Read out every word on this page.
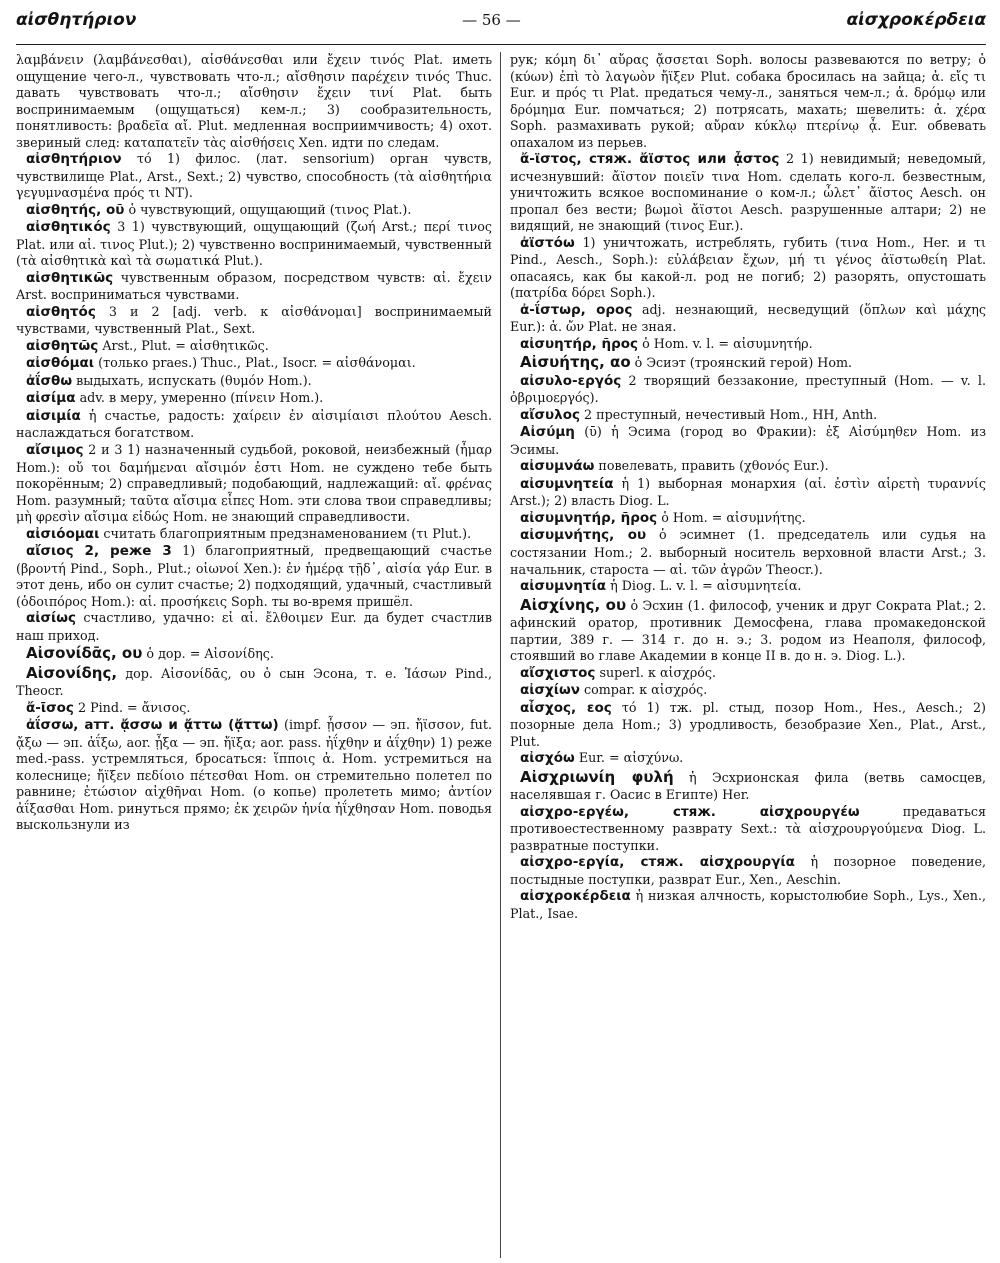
αἰσθητήριον	— 56 —	αἰσχροκέρδεια

λαμβάνειν (λαμβάνεσθαι), αἰσθάνεσθαι или ἔχειν τινός Plat. иметь ощущение чего-л., чувствовать что-л.; αἴσθησιν παρέχειν τινός Thuc. давать чувствовать что-л.; αἴσθησιν ἔχειν τινί Plat. быть воспринимаемым (ощущаться) кем-л.; 3) сообразительность, понятливость: βραδεῖα αἴ. Plut. медленная восприимчивость; 4) охот. звериный след: καταπατεῖν τὰς αἰσθήσεις Xen. идти по следам.

αἰσθητήριον τό 1) филос. (лат. sensorium) орган чувств, чувствилище Plat., Arst., Sext.; 2) чувство, способность (τὰ αἰσθητήρια γεγυμνασμένα πρός τι NT).

αἰσθητής, οῦ ὁ чувствующий, ощущающий (τινος Plat.).

αἰσθητικός 3 1) чувствующий, ощущающий (ζωή Arst.; περί τινος Plat. или αἰ. τινος Plut.); 2) чувственно воспринимаемый, чувственный (τὰ αἰσθητικὰ καὶ τὰ σωματικά Plut.).

αἰσθητικῶς чувственным образом, посредством чувств: αἰ. ἔχειν Arst. восприниматься чувствами.

αἰσθητός 3 и 2 [adj. verb. к αἰσθάνομαι] воспринимаемый чувствами, чувственный Plat., Sext.

αἰσθητῶς Arst., Plut. = αἰσθητικῶς.

αἰσθόμαι (только praes.) Thuc., Plat., Isocr. = αἰσθάνομαι.

ἀΐσθω выдыхать, испускать (θυμόν Hom.).

αἰσίμα adv. в меру, умеренно (πίνειν Hom.).

αἰσιμία ἡ счастье, радость: χαίρειν ἐν αἰσιμίαισι πλούτου Aesch. наслаждаться богатством.

αἴσιμος 2 и 3 1) назначенный судьбой, роковой, неизбежный (ἦμαρ Hom.): οὔ τοι δαμήμεναι αἴσιμόν ἐστι Hom. не суждено тебе быть покорённым; 2) справедливый; подобающий, надлежащий: αἴ. φρένας Hom. разумный; ταῦτα αἴσιμα εἶπες Hom. эти слова твои справедливы; μὴ φρεσὶν αἴσιμα εἰδώς Hom. не знающий справедливости.

αἰσιόομαι считать благоприятным предзнаменованием (τι Plut.).

αἴσιος 2, реже 3 1) благоприятный, предвещающий счастье (βροντή Pind., Soph., Plut.; οἰωνοί Xen.): ἐν ἡμέρᾳ τῇδ᾽, αἰσία γάρ Eur. в этот день, ибо он сулит счастье; 2) подходящий, удачный, счастливый (ὁδοιπόρος Hom.): αἰ. προσήκεις Soph. ты во-время пришёл.

αἰσίως счастливо, удачно: εἰ αἰ. ἔλθοιμεν Eur. да будет счастлив наш приход.

Αἰσονίδᾱς, ου ὁ дор. = Αἰσονίδης.

Αἰσονίδης, дор. Αἰσονίδᾱς, ου ὁ сын Эсона, т. е. Ἰάσων Pind., Theocr.

ἄ-ῑσος 2 Pind. = ἄνισος.

ἀΐσσω, атт. ᾄσσω и ᾄττω (ᾄττω) (impf. ᾖσσον — эп. ἤϊσσον, fut. ᾄξω — эп. ἀΐξω, aor. ᾖξα — эп. ἤϊξα; aor. pass. ἠΐχθην и ἀΐχθην) 1) реже med.-pass. устремляться, бросаться: ἵπποις ἀ. Hom. устремиться на колеснице; ἤϊξεν πεδίοιο πέτεσθαι Hom. он стремительно полетел по равнине; ἐτώσιον αἰχθῆναι Hom. (о копье) пролететь мимо; ἀντίον ἀΐξασθαι Hom. ринуться прямо; ἐκ χειρῶν ἡνία ἠΐχθησαν Hom. поводья выскользнули из

рук; κόμη δι᾽ αὔρας ᾄσσεται Soph. волосы развеваются по ветру; ὁ (κύων) ἐπὶ τὸ λαγωὸν ἤϊξεν Plut. собака бросилась на зайца; ἀ. εἴς τι Eur. и πρός τι Plat. предаться чему-л., заняться чем-л.; ἀ. δρόμῳ или δρόμημα Eur. помчаться; 2) потрясать, махать; шевелить: ἀ. χέρα Soph. размахивать рукой; αὔραν κύκλῳ πτερίνῳ ᾆ. Eur. обвевать опахалом из перьев.

ἄ-ϊστος, стяж. ἄϊστος или ᾆστος 2 1) невидимый; неведомый, исчезнувший: ἄϊστον ποιεῖν τινα Hom. сделать кого-л. безвестным, уничтожить всякое воспоминание о ком-л.; ὦλετ᾽ ἄϊστος Aesch. он пропал без вести; βωμοὶ ἄϊστοι Aesch. разрушенные алтари; 2) не видящий, не знающий (τινος Eur.).

ἀϊστόω 1) уничтожать, истреблять, губить (τινα Hom., Her. и τι Pind., Aesch., Soph.): εὐλάβειαν ἔχων, μή τι γένος ἀϊστωθείη Plat. опасаясь, как бы какой-л. род не погиб; 2) разорять, опустошать (πατρίδα δόρει Soph.).

ἀ-ΐστωρ, ορος adj. незнающий, несведущий (ὅπλων καὶ μάχης Eur.): ἀ. ὤν Plat. не зная.

αἰσυητήρ, ῆρος ὁ Hom. v. l. = αἰσυμνητήρ.

Αἰσυήτης, αο ὁ Эсиэт (троянский герой) Hom.

αἰσυλο-εργός 2 творящий беззаконие, преступный (Hom. — v. l. ὀβριμοεργός).

αἴσυλος 2 преступный, нечестивый Hom., HH, Anth.

Αἰσύμη (ῡ) ἡ Эсима (город во Фракии): ἐξ Αἰσύμηθεν Hom. из Эсимы.

αἰσυμνάω повелевать, править (χθονός Eur.).

αἰσυμνητεία ἡ 1) выборная монархия (αἰ. ἐστὶν αἱρετὴ τυραννίς Arst.); 2) власть Diog. L.

αἰσυμνητήρ, ῆρος ὁ Hom. = αἰσυμνήτης.

αἰσυμνήτης, ου ὁ эсимнет (1. председатель или судья на состязании Hom.; 2. выборный носитель верховной власти Arst.; 3. начальник, староста — αἰ. τῶν ἀγρῶν Theocr.).

αἰσυμνητία ἡ Diog. L. v. l. = αἰσυμνητεία.

Αἰσχίνης, ου ὁ Эсхин (1. философ, ученик и друг Сократа Plat.; 2. афинский оратор, противник Демосфена, глава промакедонской партии, 389 г. — 314 г. до н. э.; 3. родом из Неаполя, философ, стоявший во главе Академии в конце II в. до н. э. Diog. L.).

αἴσχιστος superl. к αἰσχρός.

αἰσχίων compar. к αἰσχρός.

αἶσχος, εος τό 1) тж. pl. стыд, позор Hom., Hes., Aesch.; 2) позорные дела Hom.; 3) уродливость, безобразие Xen., Plat., Arst., Plut.

αἰσχόω Eur. = αἰσχύνω.

Αἰσχριωνίη φυλή ἡ Эсхрионская фила (ветвь самосцев, населявшая г. Оасис в Египте) Her.

αἰσχρο-εργέω, стяж. αἰσχρουργέω	предаваться противоестественному разврату Sext.: τὰ αἰσχρουργούμενα Diog. L. развратные поступки.

αἰσχρο-εργία, стяж. αἰσχρουργία ἡ позорное поведение, постыдные поступки, разврат Eur., Xen., Aeschin.

αἰσχροκέρδεια ἡ низкая алчность, корыстолюбие Soph., Lys., Xen., Plat., Isae.
